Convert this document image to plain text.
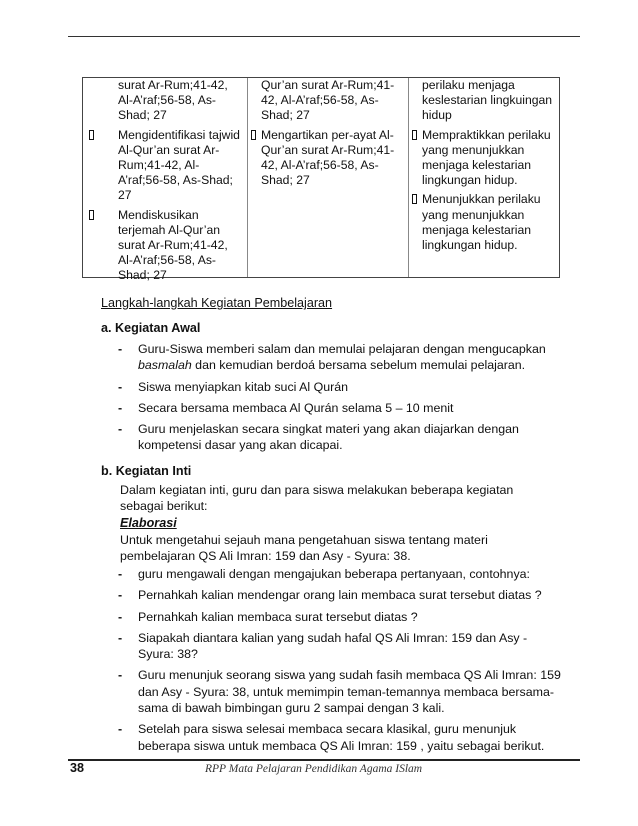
surat Ar-Rum;41-42, Al-A’raf;56-58, As-Shad; 27
Mengidentifikasi tajwid Al-Qur’an surat Ar-Rum;41-42, Al-A’raf;56-58, As-Shad; 27
Mendiskusikan terjemah Al-Qur’an surat Ar-Rum;41-42, Al-A’raf;56-58, As-Shad; 27
Qur’an surat Ar-Rum;41-42, Al-A’raf;56-58, As-Shad; 27
Mengartikan per-ayat Al-Qur’an surat Ar-Rum;41-42, Al-A’raf;56-58, As-Shad; 27
perilaku menjaga keslestarian lingkuingan hidup
Mempraktikkan perilaku yang menunjukkan menjaga kelestarian lingkungan hidup.
Menunjukkan perilaku yang menunjukkan menjaga kelestarian lingkungan hidup.
Langkah-langkah Kegiatan Pembelajaran
a. Kegiatan Awal
- Guru-Siswa memberi salam dan memulai pelajaran dengan mengucapkan
basmalah dan kemudian berdoá bersama sebelum memulai pelajaran.
- Siswa menyiapkan kitab suci Al Qurán
- Secara bersama membaca Al Qurán selama 5 – 10 menit
- Guru menjelaskan secara singkat materi yang akan diajarkan dengan kompetensi dasar yang akan dicapai.
b. Kegiatan Inti
Dalam kegiatan inti, guru dan para siswa melakukan beberapa kegiatan sebagai berikut:
Elaborasi
Untuk mengetahui sejauh mana pengetahuan siswa tentang materi pembelajaran QS Ali Imran: 159 dan Asy - Syura: 38.
- guru mengawali dengan mengajukan beberapa pertanyaan, contohnya:
- Pernahkah kalian mendengar orang lain membaca surat tersebut diatas ?
- Pernahkah kalian membaca surat tersebut diatas ?
- Siapakah diantara kalian yang sudah hafal QS Ali Imran: 159 dan Asy - Syura: 38?
- Guru menunjuk seorang siswa yang sudah fasih membaca QS Ali Imran: 159 dan Asy - Syura: 38, untuk memimpin teman-temannya membaca bersama-sama di bawah bimbingan guru 2 sampai dengan 3 kali.
- Setelah para siswa selesai membaca secara klasikal, guru menunjuk beberapa siswa untuk membaca QS Ali Imran: 159 , yaitu sebagai berikut.
38	RPP Mata Pelajaran Pendidikan Agama ISlam
